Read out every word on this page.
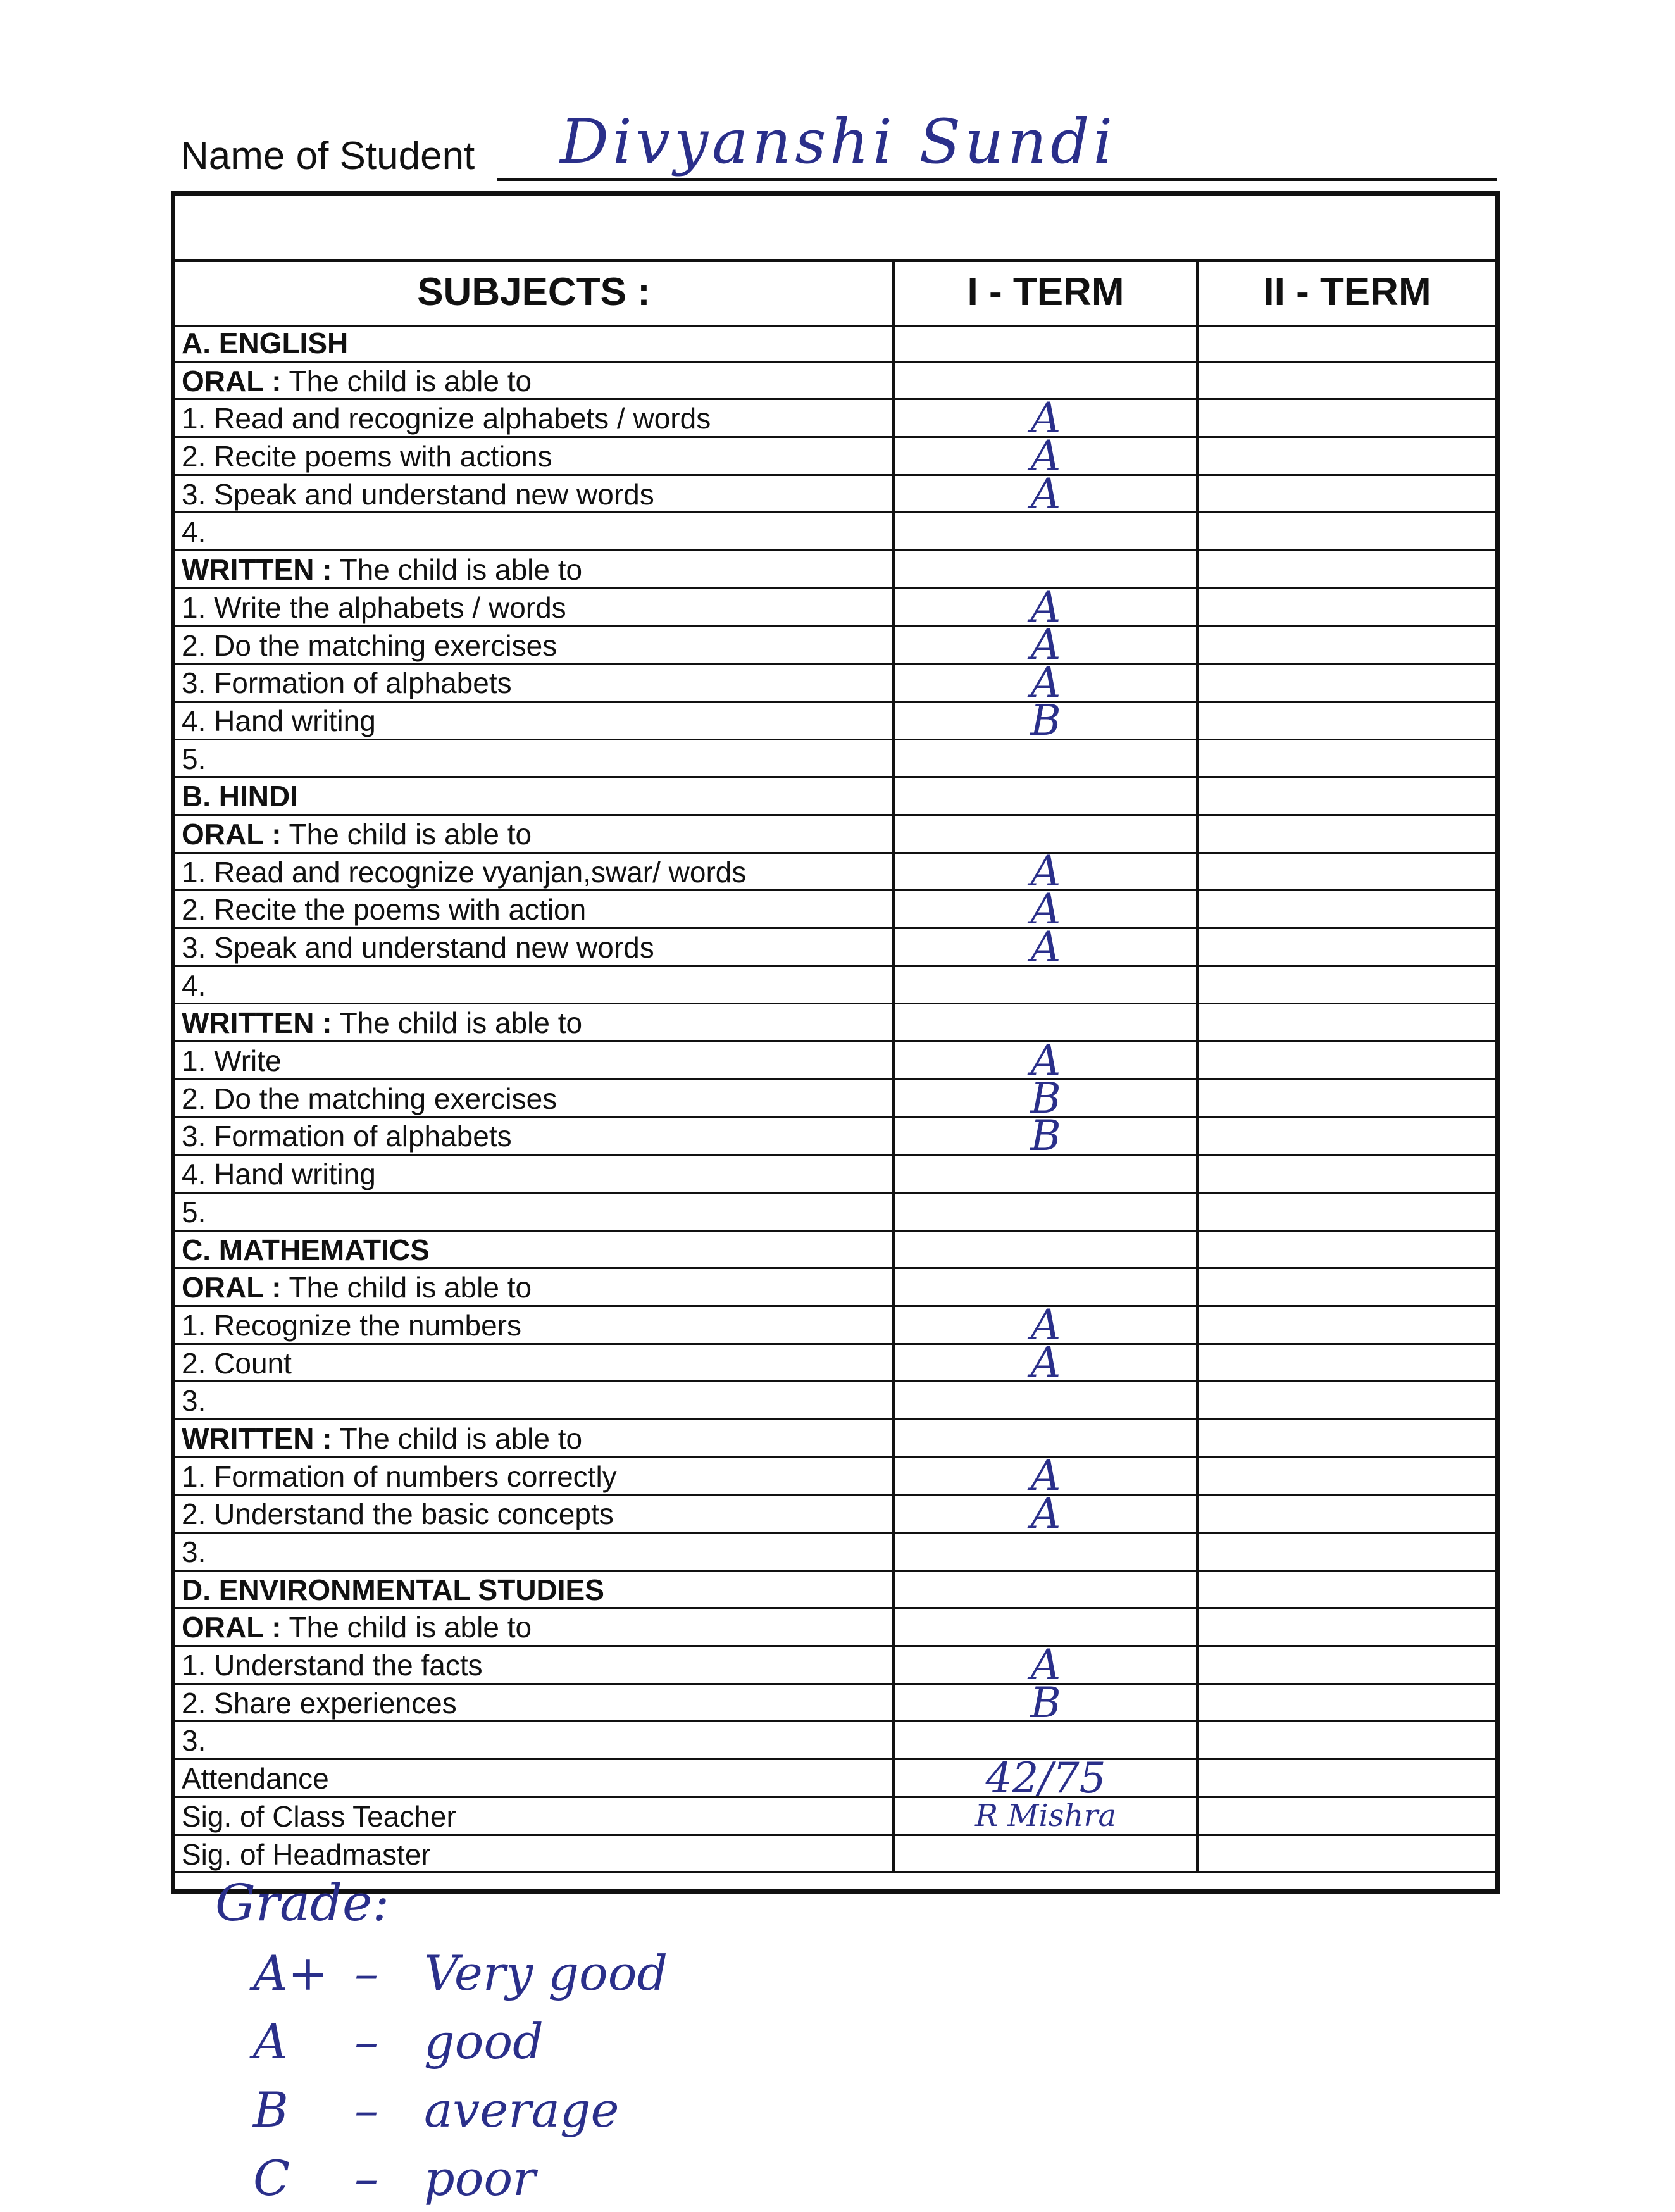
Name of Student Divyanshi Sundi
SUBJECTS :	I - TERM	II - TERM
A. ENGLISH
ORAL : The child is able to
1. Read and recognize alphabets / words	A
2. Recite poems with actions	A
3. Speak and understand new words	A
4.
WRITTEN : The child is able to
1. Write the alphabets / words	A
2. Do the matching exercises	A
3. Formation of alphabets	A
4. Hand writing	B
5.
B. HINDI
ORAL : The child is able to
1. Read and recognize vyanjan,swar/ words	A
2. Recite the poems with action	A
3. Speak and understand new words	A
4.
WRITTEN : The child is able to
1. Write	A
2. Do the matching exercises	B
3. Formation of alphabets	B
4. Hand writing
5.
C. MATHEMATICS
ORAL : The child is able to
1. Recognize the numbers	A
2. Count	A
3.
WRITTEN : The child is able to
1. Formation of numbers correctly	A
2. Understand the basic concepts	A
3.
D. ENVIRONMENTAL STUDIES
ORAL : The child is able to
1. Understand the facts	A
2. Share experiences	B
3.
Attendance	42/75
Sig. of Class Teacher	R Mishra
Sig. of Headmaster
Grade:
A+ – Very good
A	– good
B	– average
C	– poor
